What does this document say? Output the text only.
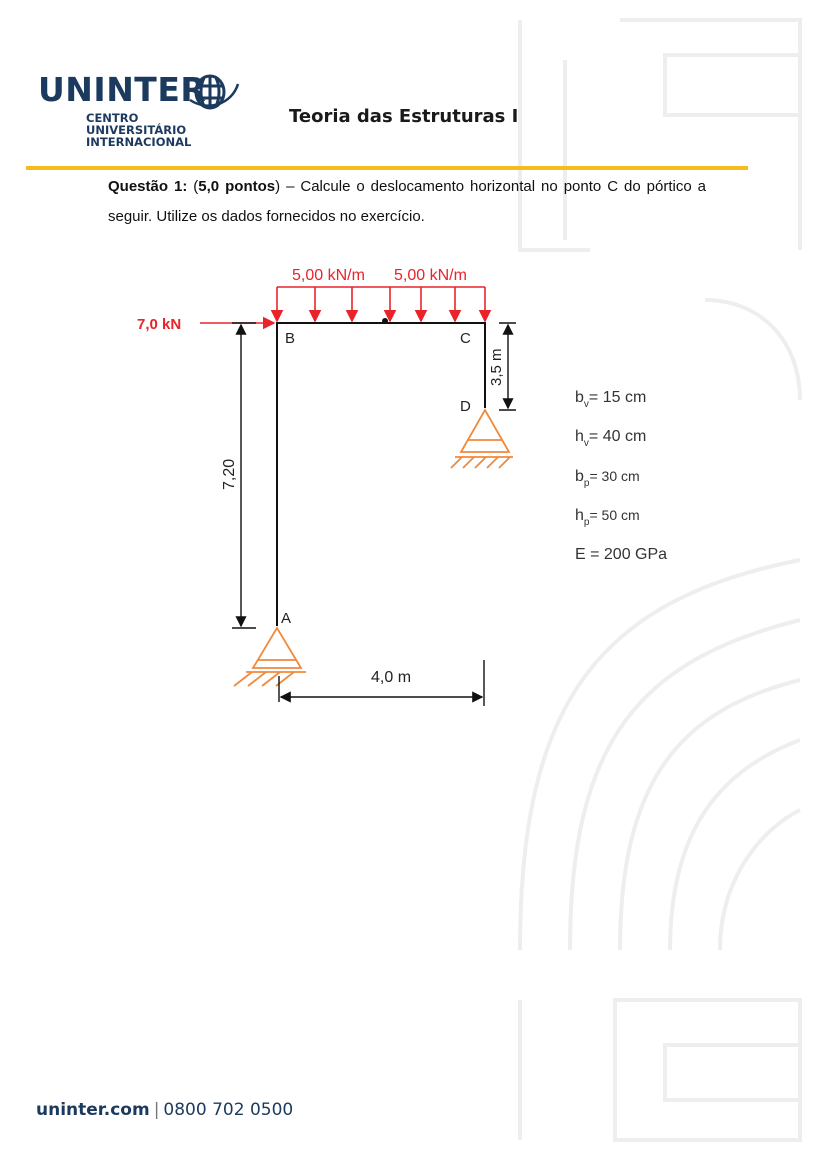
UNINTER
CENTRO
UNIVERSITÁRIO
INTERNACIONAL
Teoria das Estruturas I
Questão 1: (5,0 pontos) – Calcule o deslocamento horizontal no ponto C do pórtico a seguir. Utilize os dados fornecidos no exercício.
5,00 kN/m 5,00 kN/m
7,0 kN
B	C
D
A
7,20
3,5 m
4,0 m
$b_v= 15$ cm
$h_v= 40$ cm
$b_p= 30$ cm
$h_p= 50$ cm
E = 200 GPa
uninter.com | 0800 702 0500
